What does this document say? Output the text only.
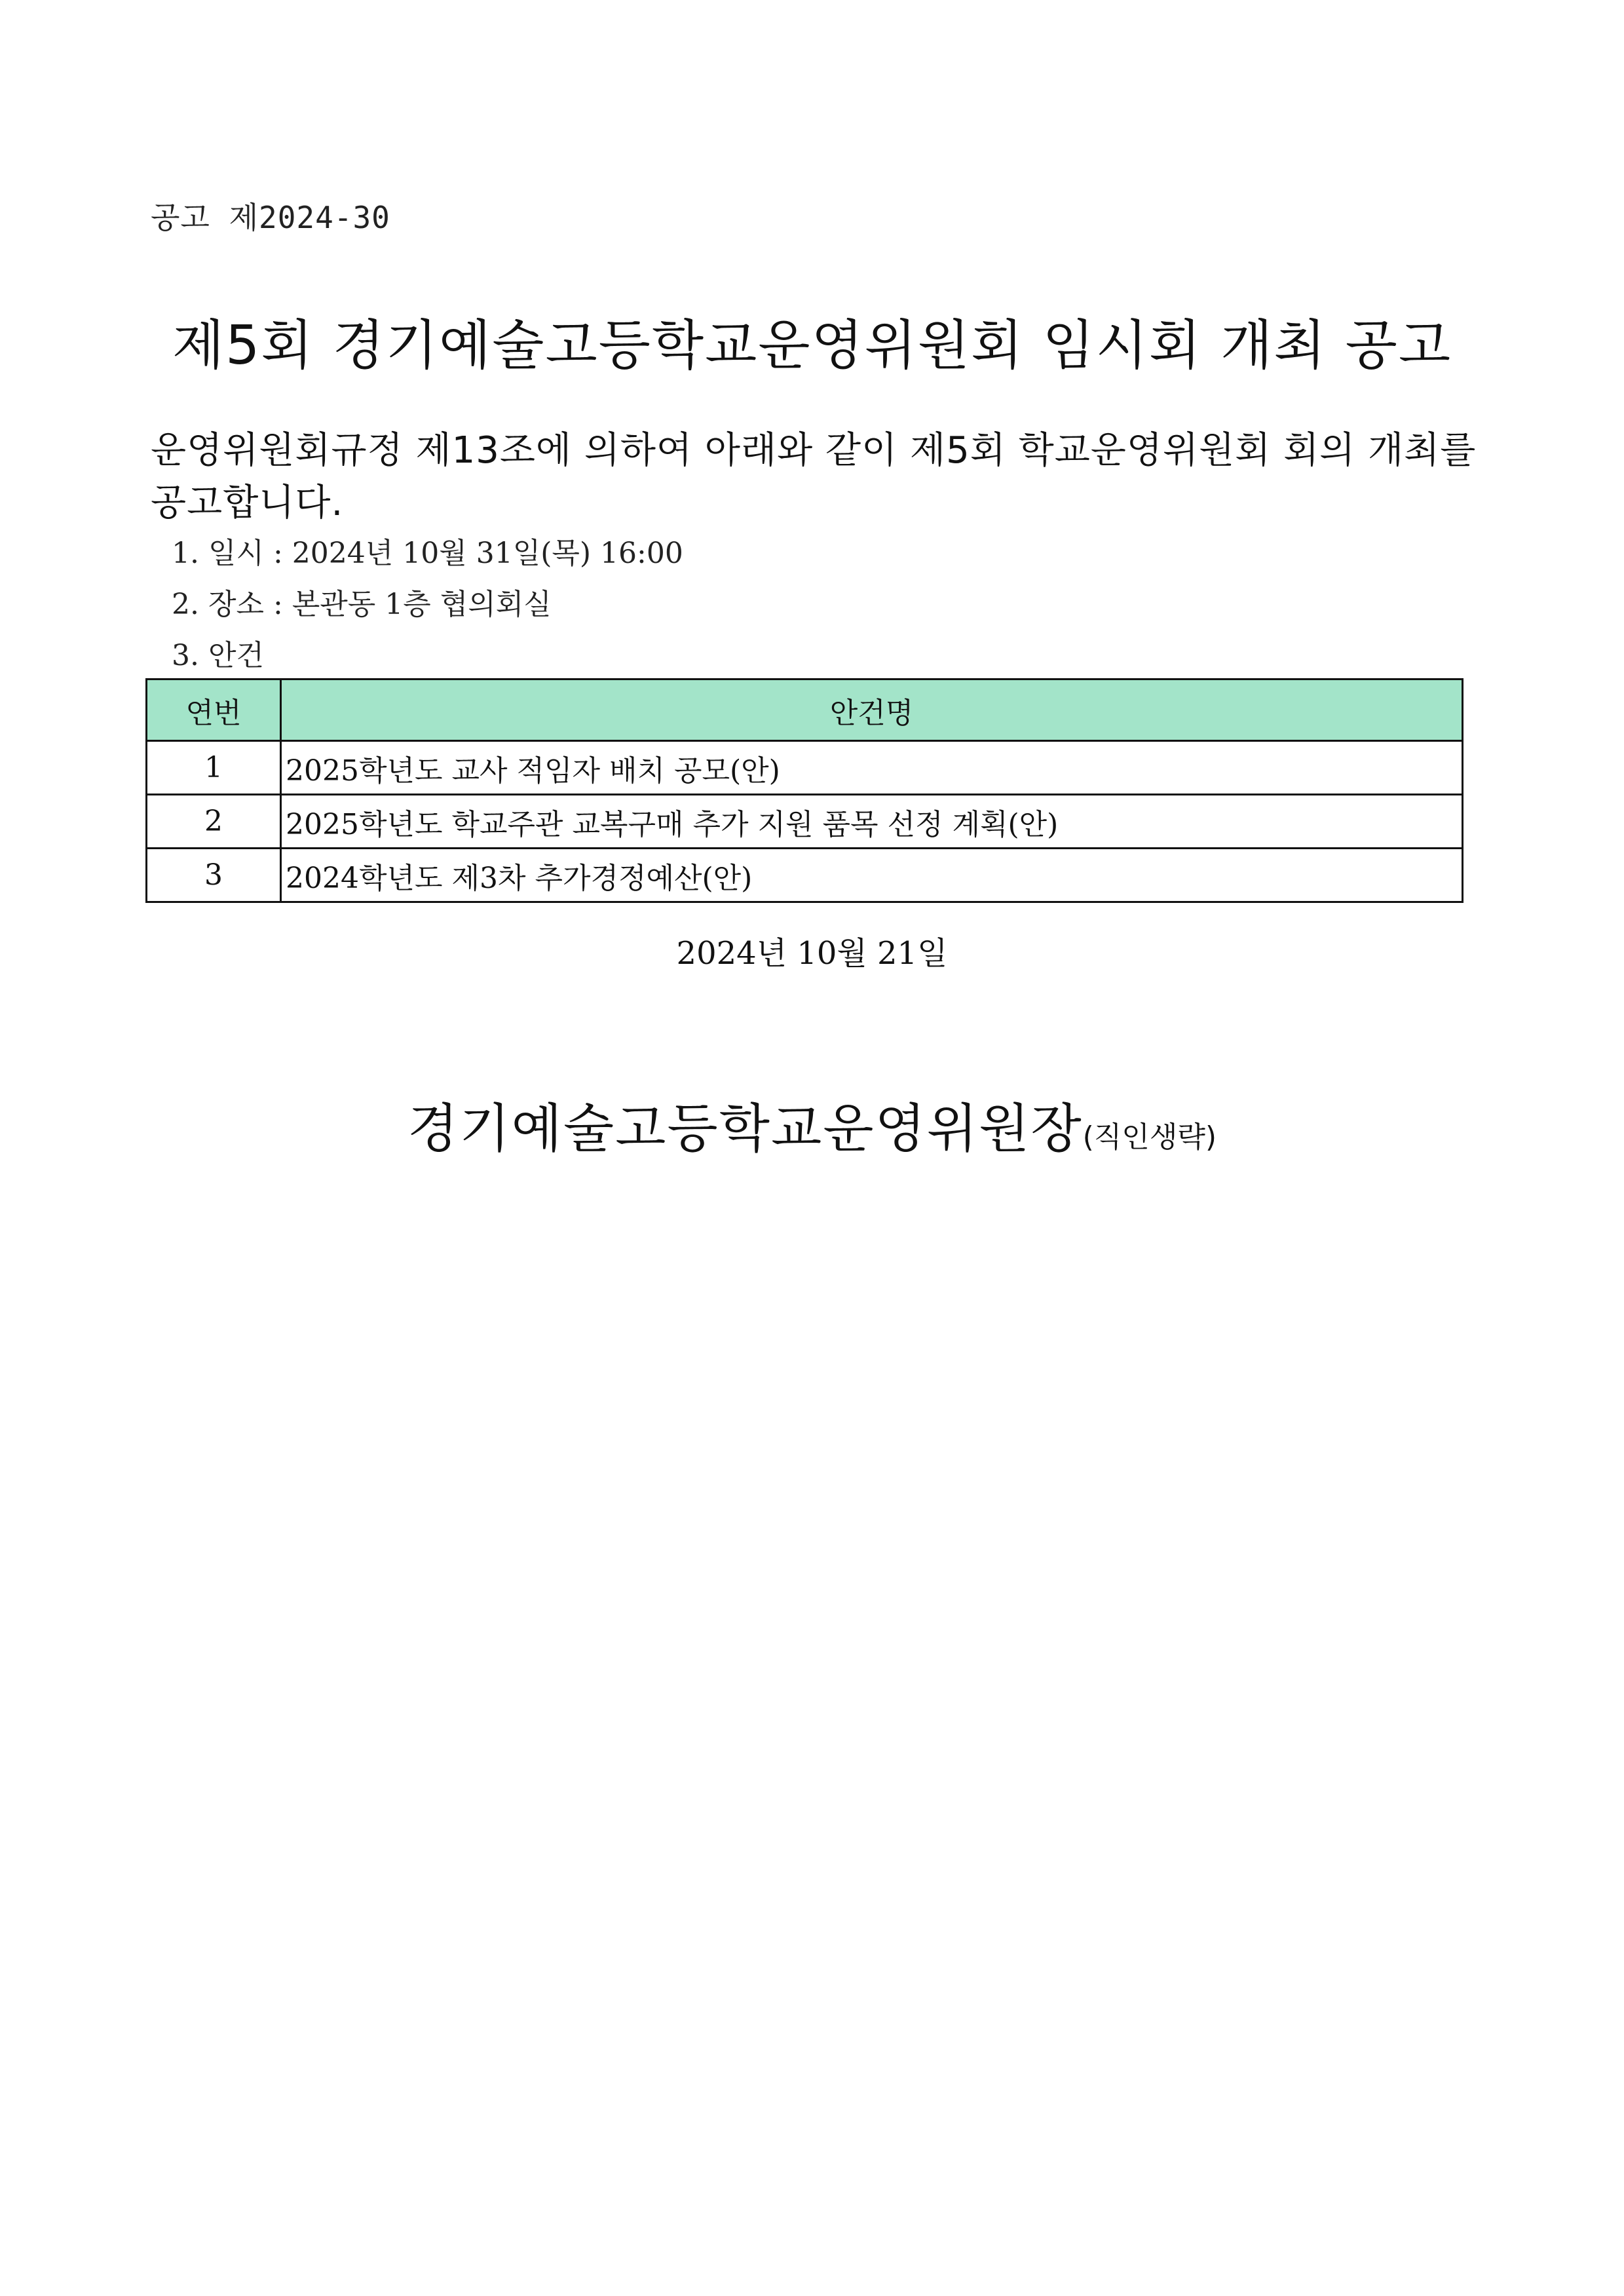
공고 제2024-30
제5회 경기예술고등학교운영위원회 임시회 개최 공고
운영위원회규정 제13조에 의하여 아래와 같이 제5회 학교운영위원회 회의 개최를 공고합니다.
1. 일시 : 2024년 10월 31일(목) 16:00
2. 장소 : 본관동 1층 협의회실
3. 안건
연번	안건명
1	2025학년도 교사 적임자 배치 공모(안)
2	2025학년도 학교주관 교복구매 추가 지원 품목 선정 계획(안)
3	2024학년도 제3차 추가경정예산(안)
2024년 10월 21일
경기예술고등학교운영위원장(직인생략)
